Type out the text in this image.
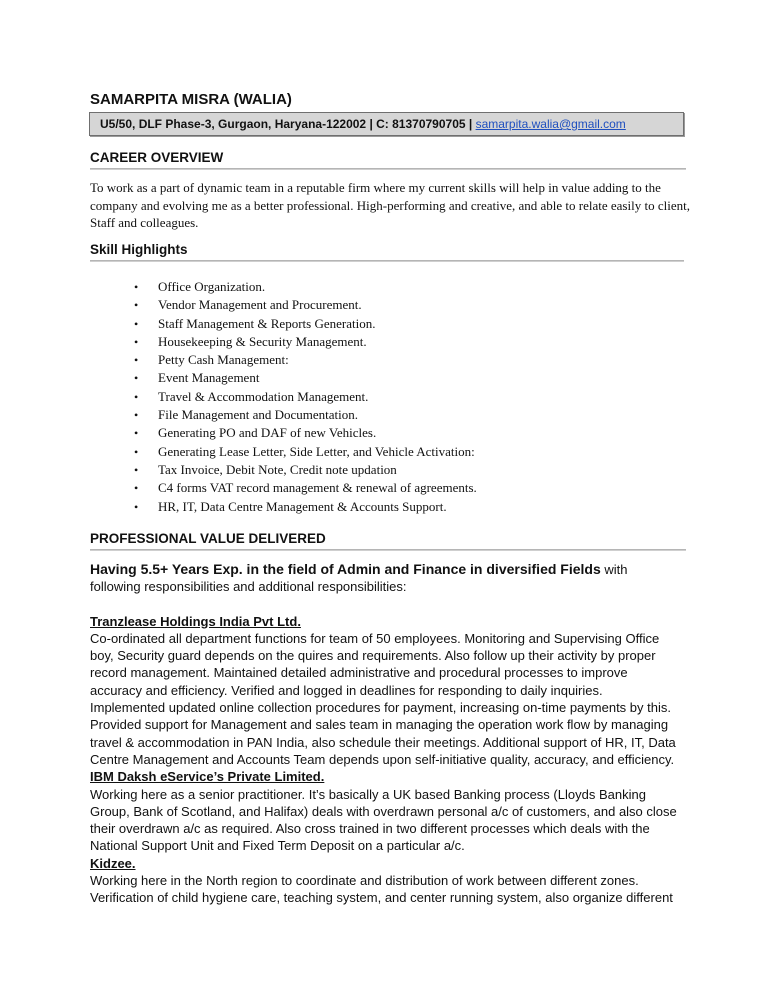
SAMARPITA MISRA (WALIA)
U5/50, DLF Phase-3, Gurgaon, Haryana-122002 | C: 81370790705 | samarpita.walia@gmail.com
CAREER OVERVIEW
To work as a part of dynamic team in a reputable firm where my current skills will help in value adding to the company and evolving me as a better professional. High-performing and creative, and able to relate easily to client, Staff and colleagues.
Skill Highlights
• Office Organization.
• Vendor Management and Procurement.
• Staff Management & Reports Generation.
• Housekeeping & Security Management.
• Petty Cash Management:
• Event Management
• Travel & Accommodation Management.
• File Management and Documentation.
• Generating PO and DAF of new Vehicles.
• Generating Lease Letter, Side Letter, and Vehicle Activation:
• Tax Invoice, Debit Note, Credit note updation
• C4 forms VAT record management & renewal of agreements.
• HR, IT, Data Centre Management & Accounts Support.
PROFESSIONAL VALUE DELIVERED
Having 5.5+ Years Exp. in the field of Admin and Finance in diversified Fields with following responsibilities and additional responsibilities:
Tranzlease Holdings India Pvt Ltd.
Co-ordinated all department functions for team of 50 employees. Monitoring and Supervising Office boy, Security guard depends on the quires and requirements. Also follow up their activity by proper record management. Maintained detailed administrative and procedural processes to improve accuracy and efficiency. Verified and logged in deadlines for responding to daily inquiries. Implemented updated online collection procedures for payment, increasing on-time payments by this. Provided support for Management and sales team in managing the operation work flow by managing travel & accommodation in PAN India, also schedule their meetings. Additional support of HR, IT, Data Centre Management and Accounts Team depends upon self-initiative quality, accuracy, and efficiency.
IBM Daksh eService’s Private Limited.
Working here as a senior practitioner. It’s basically a UK based Banking process (Lloyds Banking Group, Bank of Scotland, and Halifax) deals with overdrawn personal a/c of customers, and also close their overdrawn a/c as required. Also cross trained in two different processes which deals with the National Support Unit and Fixed Term Deposit on a particular a/c.
Kidzee.
Working here in the North region to coordinate and distribution of work between different zones. Verification of child hygiene care, teaching system, and center running system, also organize different
